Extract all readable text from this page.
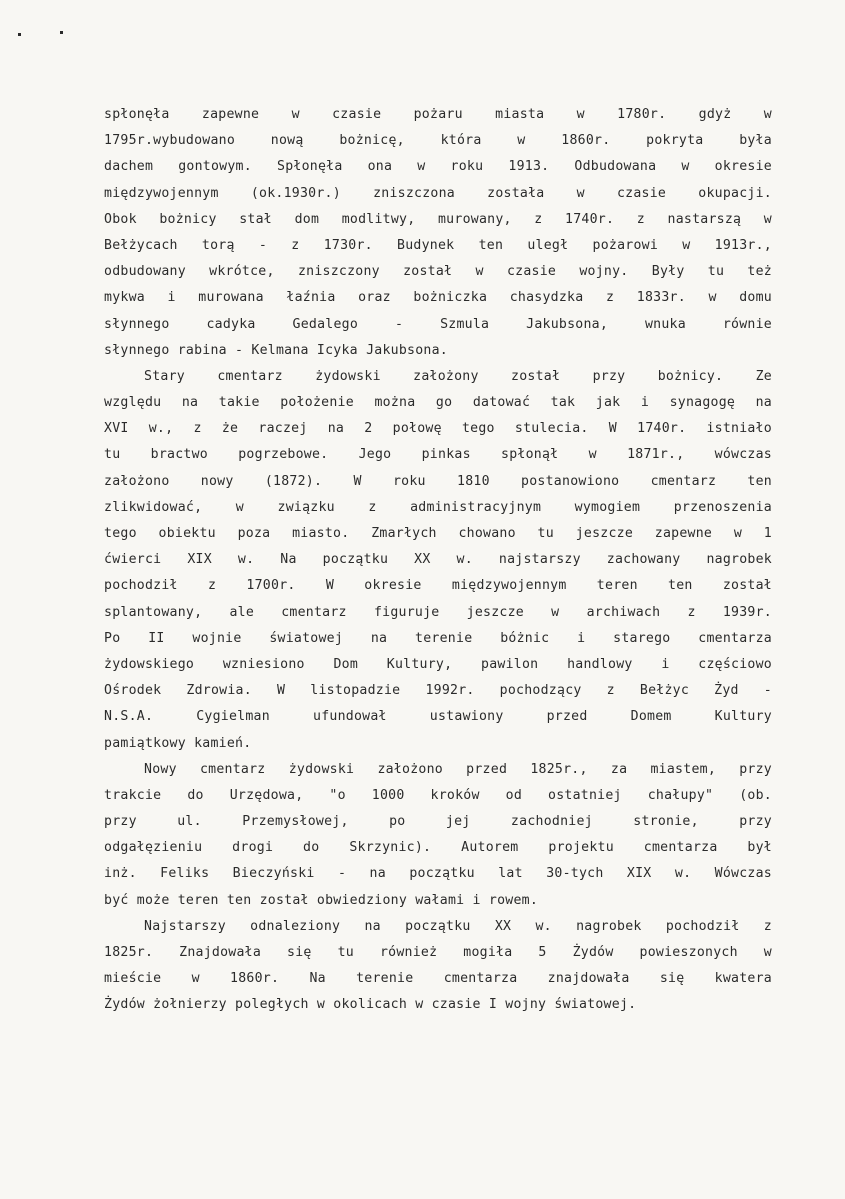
spłonęła zapewne w czasie pożaru miasta w 1780r. gdyż w
1795r.wybudowano nową bożnicę, która w 1860r. pokryta była
dachem gontowym. Spłonęła ona w roku 1913. Odbudowana w okresie
międzywojennym (ok.1930r.) zniszczona została w czasie okupacji.
Obok bożnicy stał dom modlitwy, murowany, z 1740r. z nastarszą w
Bełżycach torą - z 1730r. Budynek ten uległ pożarowi w 1913r.,
odbudowany wkrótce, zniszczony został w czasie wojny. Były tu też
mykwa i murowana łaźnia oraz bożniczka chasydzka z 1833r. w domu
słynnego cadyka Gedalego - Szmula Jakubsona, wnuka równie
słynnego rabina - Kelmana Icyka Jakubsona.
Stary cmentarz żydowski założony został przy bożnicy. Ze
względu na takie położenie można go datować tak jak i synagogę na
XVI w., z że raczej na 2 połowę tego stulecia. W 1740r. istniało
tu bractwo pogrzebowe. Jego pinkas spłonął w 1871r., wówczas
założono nowy (1872). W roku 1810 postanowiono cmentarz ten
zlikwidować, w związku z administracyjnym wymogiem przenoszenia
tego obiektu poza miasto. Zmarłych chowano tu jeszcze zapewne w 1
ćwierci XIX w. Na początku XX w. najstarszy zachowany nagrobek
pochodził z 1700r. W okresie międzywojennym teren ten został
splantowany, ale cmentarz figuruje jeszcze w archiwach z 1939r.
Po II wojnie światowej na terenie bóżnic i starego cmentarza
żydowskiego wzniesiono Dom Kultury, pawilon handlowy i częściowo
Ośrodek Zdrowia. W listopadzie 1992r. pochodzący z Bełżyc Żyd -
N.S.A. Cygielman ufundował ustawiony przed Domem Kultury
pamiątkowy kamień.
Nowy cmentarz żydowski założono przed 1825r., za miastem, przy
trakcie do Urzędowa, "o 1000 kroków od ostatniej chałupy" (ob.
przy ul. Przemysłowej, po jej zachodniej stronie, przy
odgałęzieniu drogi do Skrzynic). Autorem projektu cmentarza był
inż. Feliks Bieczyński - na początku lat 30-tych XIX w. Wówczas
być może teren ten został obwiedziony wałami i rowem.
Najstarszy odnaleziony na początku XX w. nagrobek pochodził z
1825r. Znajdowała się tu również mogiła 5 Żydów powieszonych w
mieście w 1860r. Na terenie cmentarza znajdowała się kwatera
Żydów żołnierzy poległych w okolicach w czasie I wojny światowej.
